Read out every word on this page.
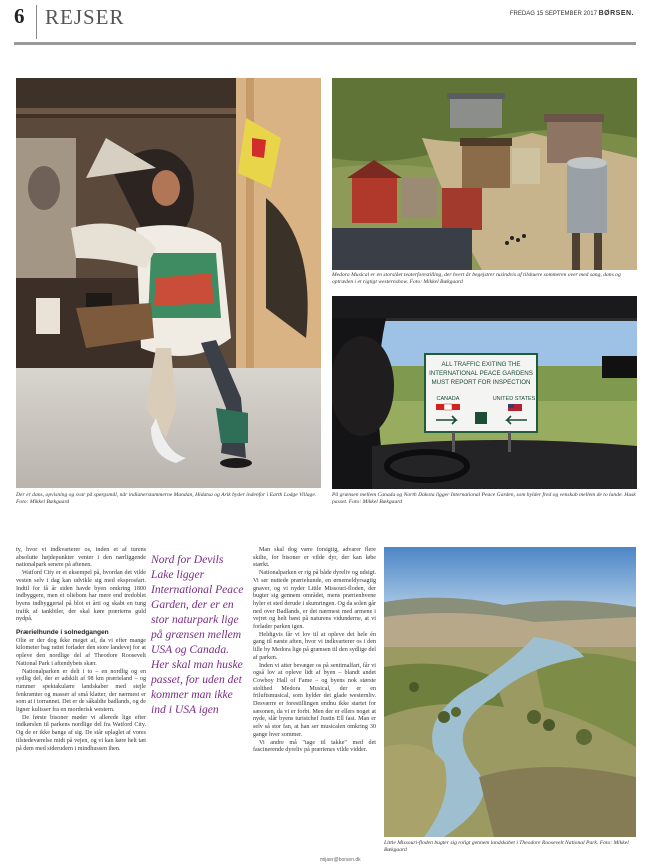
6 REJSER	FREDAG 15 SEPTEMBER 2017 BØRSEN.
Der er dans, opvisning og svar på spørgsmål, når indianerstammerne Mandan, Hidatsa og Arik byder indenfor i Earth Lodge Village. Foto: Mikkel Bækgaard
Medora Musical er en storslået teaterforestilling, der hvert år begejstrer tusindvis af tilskuere sommeren over med sang, dans og optræden i et rigtigt westernshow. Foto: Mikkel Bækgaard
ALL TRAFFIC EXITING THE
INTERNATIONAL PEACE GARDENS
MUST REPORT FOR INSPECTION
CANADA	UNITED STATES
På grænsen mellem Canada og North Dakota ligger International Peace Garden, som hylder fred og venskab mellem de to lande. Husk passet. Foto: Mikkel Bækgaard

ty, hvor vi indkvarterer os, inden et af turens absolutte højdepunkter venter i den nærliggende nationalpark senere på aftenen.

Watford City er et eksempel på, hvordan det vilde vesten selv i dag kan udvikle sig med eksprosfart. Indtil for få år siden havde byen omkring 1800 indbyggere, men et oliebom har mere end tredoblet byens indbyggertal på blot et årti og skabt en tung trafik af tankbiler, der skal køre prærierns guld nydpå.

Prærielhunde i solnedgangen

Olie er der dog ikke meget af, da vi efter mange kilometer bag rattet forlader den store landevej for at opleve den nordlige del af Theodore Roosevelt National Park i aftendybets skær.

Nationalparken er delt i to – en nordlig og en sydlig del, der er adskilt af 98 km prærieland – og rummer spektakulære landskaber med stejle fenkrænter og masser af små klatter, der nærmest er som at i torrannet. Det er de såkaldte badlands, og de ligner kulisser fra en morderisk western.

De første bisoner møder vi allerede lige efter indkørslen til parkens nordlige del fra Watford City. Og de er ikke bange af sig. De står uplaglet af vores tilstedeværelse midt på vejen, og vi kan køre helt tæt på dem med siderudern i mindhussen ihen.

Nord for Devils Lake ligger International Peace Garden, der er en stor naturpark lige på grænsen mellem USA og Canada. Her skal man huske passet, for uden det kommer man ikke ind i USA igen

Man skal dog være forsigtig, advarer flere skilte, for bisoner er vilde dyr, der kan løbe stærkt.

Nationalparken er rig på både dyreliv og udsigt. Vi ser nuttede præriehunde, en ørnemeldyrsagtig gnaver, og vi nyder Little Missouri-floden, der bugter sig gennem området, mens prærienhvene hyler et sted derude i skumringen. Og da solen går ned over Badlands, er det nærmest med armene i vejret og helt bæst på naturens vidunderne, at vi forlader parken igen.

Heldigvis får vi lov til at opleve det hele én gang til næste aften, hvor vi indkvarterer os i den lille by Medora lige på grænsen til den sydlige del af parken.

Inden vi atter bevæger os på sentimalfart, får vi også lov at opleve lidt af byen – blandt andet Cowboy Hall of Fame – og byens nok største stolthed Medora Musical, der er en friluftsmusical, som hylder det glade westernliv. Desværre er forestillingen endnu ikke startet for sæsonen, da vi er forbi. Men der er ellers noget at nyde, slår byens turistchef Justin Ell fast. Man er selv så stor fan, at han ser musicalen omkring 30 gange hver sommer.

Vi andre må "tage til takke" med det fascinerende dyreliv på prærienes vilde vidder.

Little Missouri-floden bugter sig roligt gennem landskabet i Theodore Roosevelt National Park. Foto: Mikkel Bækgaard
mijaer@borsen.dk
